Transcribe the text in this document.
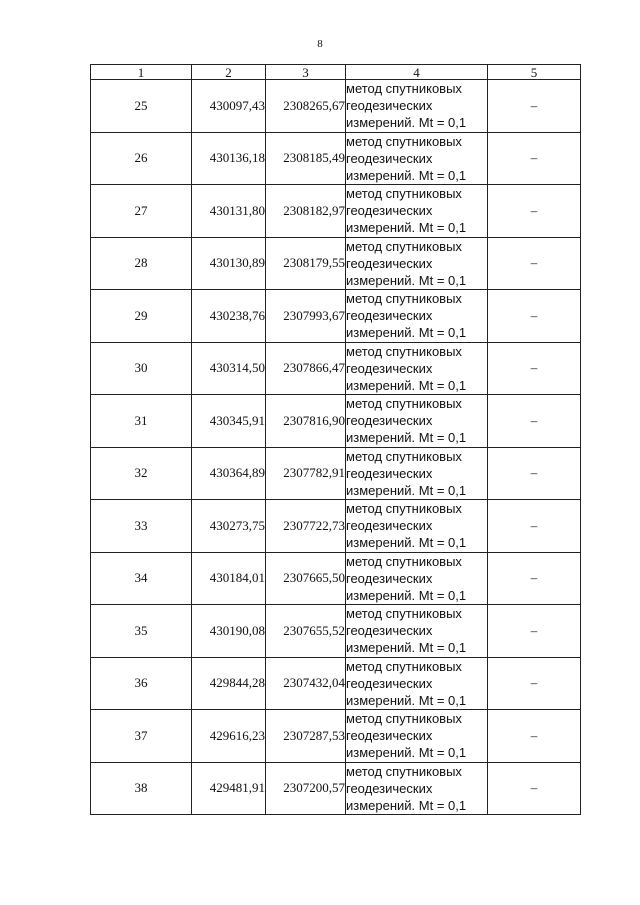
8
1	2	3	4	5
25	430097,43	2308265,67	метод спутниковых
геодезических
измерений. Mt = 0,1	–
26	430136,18	2308185,49	метод спутниковых
геодезических
измерений. Mt = 0,1	–
27	430131,80	2308182,97	метод спутниковых
геодезических
измерений. Mt = 0,1	–
28	430130,89	2308179,55	метод спутниковых
геодезических
измерений. Mt = 0,1	–
29	430238,76	2307993,67	метод спутниковых
геодезических
измерений. Mt = 0,1	–
30	430314,50	2307866,47	метод спутниковых
геодезических
измерений. Mt = 0,1	–
31	430345,91	2307816,90	метод спутниковых
геодезических
измерений. Mt = 0,1	–
32	430364,89	2307782,91	метод спутниковых
геодезических
измерений. Mt = 0,1	–
33	430273,75	2307722,73	метод спутниковых
геодезических
измерений. Mt = 0,1	–
34	430184,01	2307665,50	метод спутниковых
геодезических
измерений. Mt = 0,1	–
35	430190,08	2307655,52	метод спутниковых
геодезических
измерений. Mt = 0,1	–
36	429844,28	2307432,04	метод спутниковых
геодезических
измерений. Mt = 0,1	–
37	429616,23	2307287,53	метод спутниковых
геодезических
измерений. Mt = 0,1	–
38	429481,91	2307200,57	метод спутниковых
геодезических
измерений. Mt = 0,1	–
